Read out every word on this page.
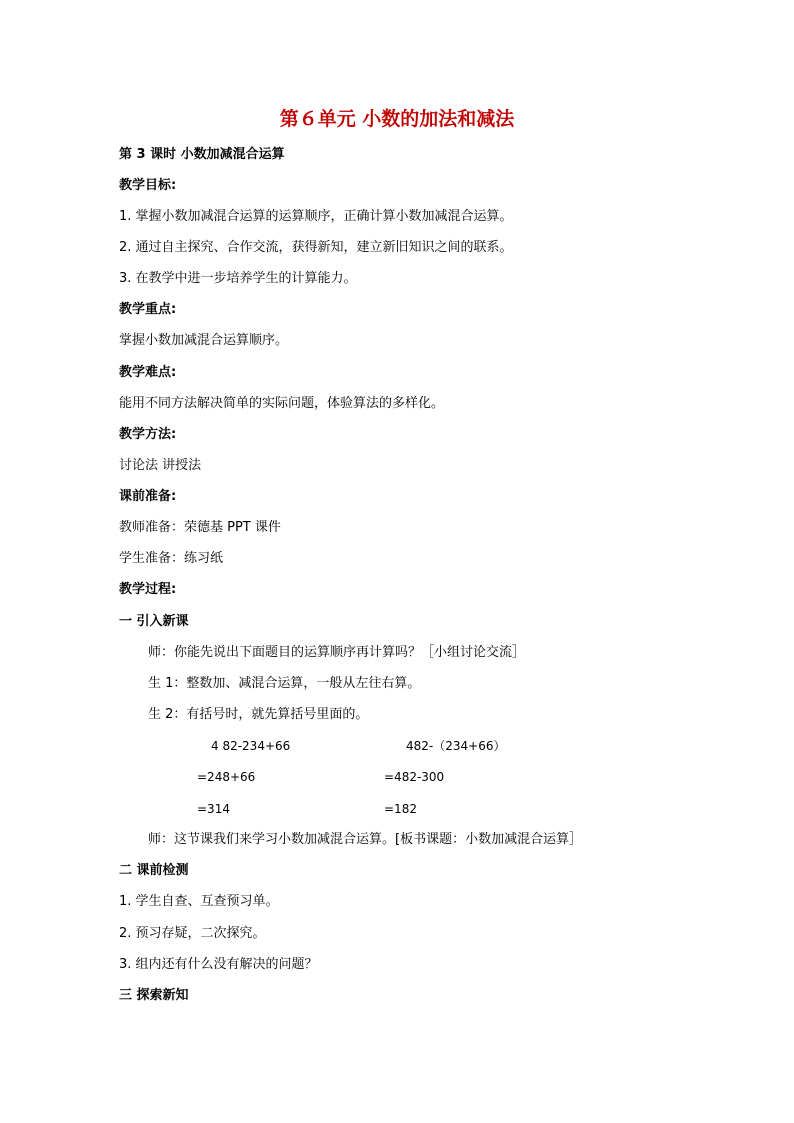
第６单元 小数的加法和减法
第 3 课时 小数加减混合运算
教学目标:
1. 掌握小数加减混合运算的运算顺序，正确计算小数加减混合运算。
2. 通过自主探究、合作交流，获得新知，建立新旧知识之间的联系。
3. 在教学中进一步培养学生的计算能力。
教学重点:
掌握小数加减混合运算顺序。
教学难点:
能用不同方法解决简单的实际问题，体验算法的多样化。
教学方法:
讨论法 讲授法
课前准备:
教师准备：荣德基 PPT 课件
学生准备：练习纸
教学过程:
一 引入新课
师：你能先说出下面题目的运算顺序再计算吗？［小组讨论交流］
生 1：整数加、减混合运算，一般从左往右算。
生 2：有括号时，就先算括号里面的。
4 82-234+66
=248+66
=314
482-（234+66）
=482-300
=182
师：这节课我们来学习小数加减混合运算。[板书课题：小数加减混合运算］
二 课前检测
1. 学生自查、互查预习单。
2. 预习存疑，二次探究。
3. 组内还有什么没有解决的问题？
三 探索新知
